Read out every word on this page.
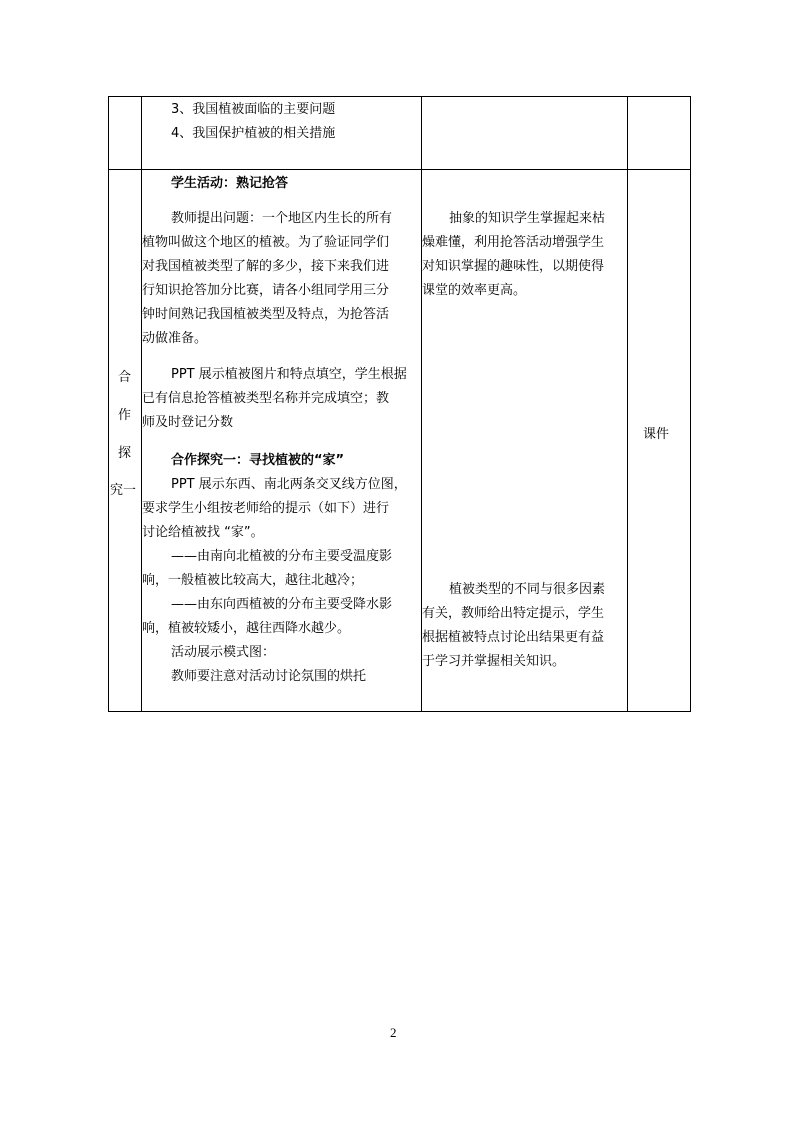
3、我国植被面临的主要问题
4、我国保护植被的相关措施
合
作
探
究一
学生活动：熟记抢答
教师提出问题：一个地区内生长的所有
植物叫做这个地区的植被。为了验证同学们
对我国植被类型了解的多少，接下来我们进
行知识抢答加分比赛，请各小组同学用三分
钟时间熟记我国植被类型及特点，为抢答活
动做准备。
PPT 展示植被图片和特点填空，学生根据
已有信息抢答植被类型名称并完成填空；教
师及时登记分数
合作探究一：寻找植被的“家”
PPT 展示东西、南北两条交叉线方位图，
要求学生小组按老师给的提示（如下）进行
讨论给植被找 “家”。
——由南向北植被的分布主要受温度影
响，一般植被比较高大，越往北越冷；
——由东向西植被的分布主要受降水影
响，植被较矮小，越往西降水越少。
活动展示模式图：
教师要注意对活动讨论氛围的烘托
抽象的知识学生掌握起来枯
燥难懂，利用抢答活动增强学生
对知识掌握的趣味性，以期使得
课堂的效率更高。
植被类型的不同与很多因素
有关，教师给出特定提示，学生
根据植被特点讨论出结果更有益
于学习并掌握相关知识。
课件
2
